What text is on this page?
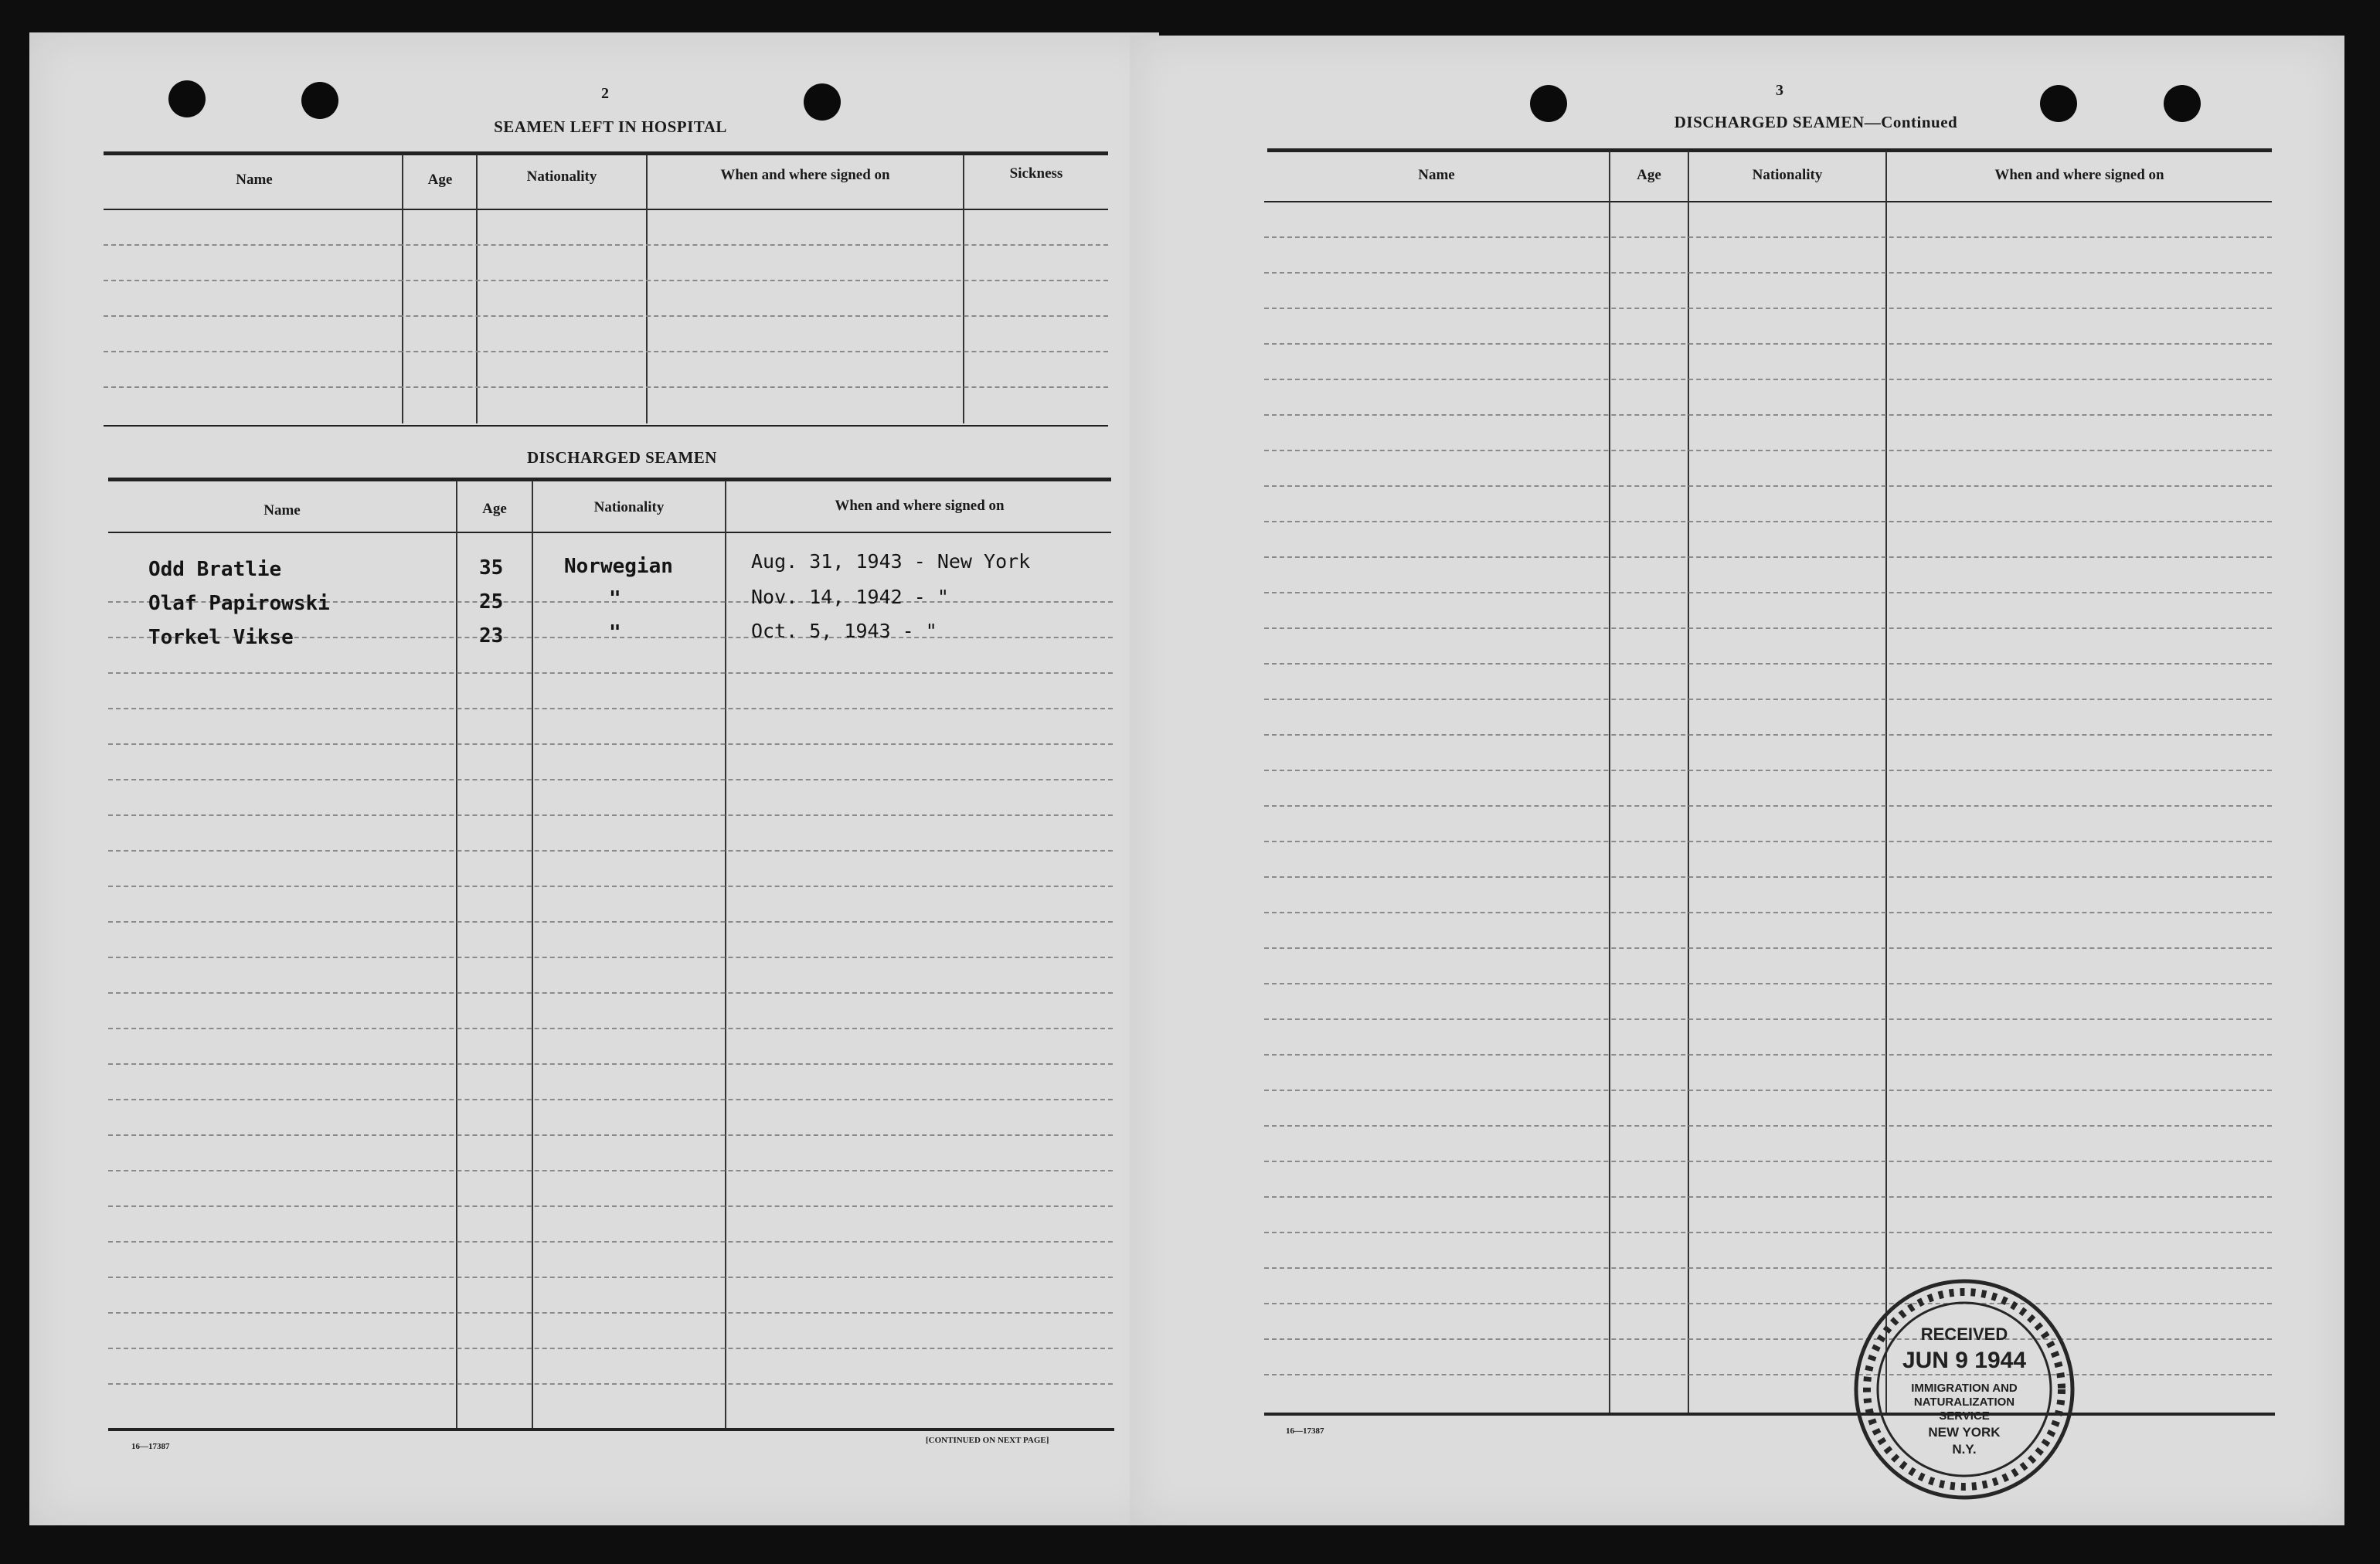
2
SEAMEN LEFT IN HOSPITAL
Name	Age	Nationality	When and where signed on	Sickness
DISCHARGED SEAMEN
Name	Age	Nationality	When and where signed on
Odd Bratlie	35	Norwegian	Aug. 31, 1943 - New York
Olaf Papirowski	25	"	Nov. 14, 1942 - "
Torkel Vikse	23	"	Oct. 5, 1943 - "
16—17387
[CONTINUED ON NEXT PAGE]
3
DISCHARGED SEAMEN—Continued
Name	Age	Nationality	When and where signed on
16—17387
RECEIVED
JUN 9 1944
IMMIGRATION AND
NATURALIZATION
SERVICE
NEW YORK
N.Y.
